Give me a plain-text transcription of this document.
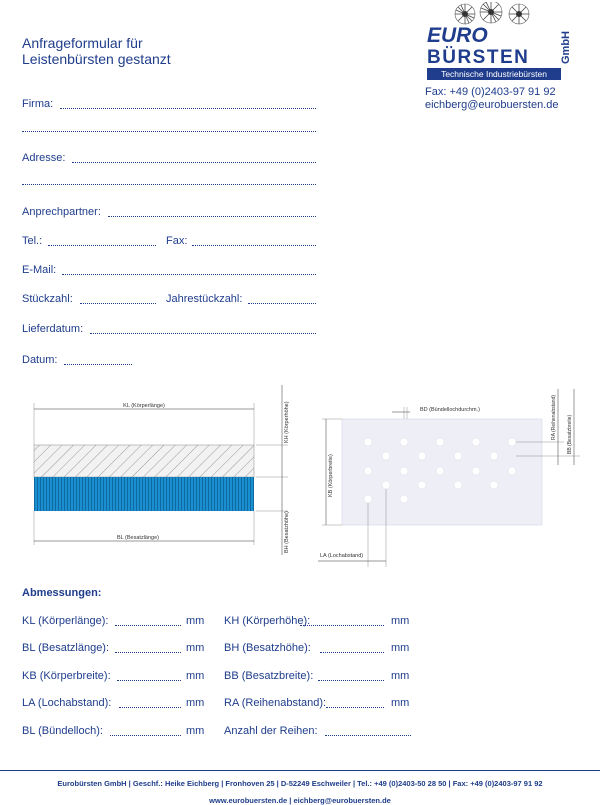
Anfrageformular für
Leistenbürsten gestanzt
EURO
BÜRSTEN	GmbH
Technische Industriebürsten
Fax: +49 (0)2403-97 91 92
eichberg@eurobuersten.de
Firma:
Adresse:
Anprechpartner:
Tel.:	Fax:
E-Mail:
Stückzahl:	Jahrestückzahl:
Lieferdatum:
Datum:
KL (Körperlänge)	KH (Körperhöhe)
BH (Besatzhöhe)
BL (Besatzlänge)
BD (Bündellochdurchm.)
KB (Körperbreite)
RA (Reihenabstand) BB (Besatzbreite)
LA (Lochabstand)
Abmessungen:
KL (Körperlänge):	mm
BL (Besatzlänge):	mm
KB (Körperbreite):	mm
LA (Lochabstand):	mm
BL (Bündelloch):	mm
KH (Körperhöhe):	mm
BH (Besatzhöhe):	mm
BB (Besatzbreite):	mm
RA (Reihenabstand):	mm
Anzahl der Reihen:
Eurobürsten GmbH | Geschf.: Heike Eichberg | Fronhoven 25 | D-52249 Eschweiler | Tel.: +49 (0)2403-50 28 50 | Fax: +49 (0)2403-97 91 92
www.eurobuersten.de | eichberg@eurobuersten.de
